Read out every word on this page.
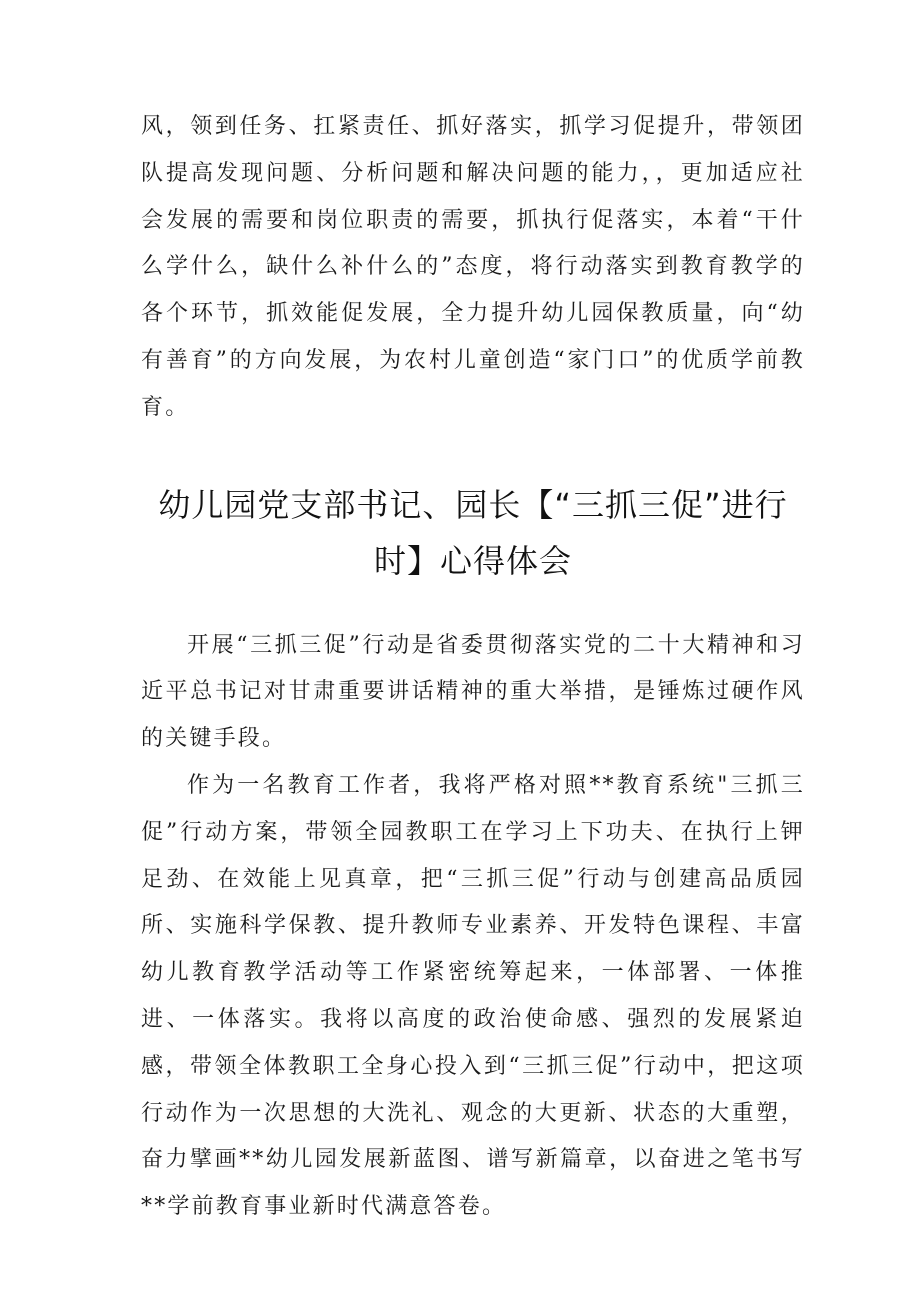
风，领到任务、扛紧责任、抓好落实，抓学习促提升，带领团队提高发现问题、分析问题和解决问题的能力，，更加适应社会发展的需要和岗位职责的需要，抓执行促落实，本着“干什么学什么，缺什么补什么的”态度，将行动落实到教育教学的各个环节，抓效能促发展，全力提升幼儿园保教质量，向“幼有善育”的方向发展，为农村儿童创造“家门口”的优质学前教育。

幼儿园党支部书记、园长【“三抓三促”进行
时】心得体会

开展“三抓三促”行动是省委贯彻落实党的二十大精神和习近平总书记对甘肃重要讲话精神的重大举措，是锤炼过硬作风的关键手段。

作为一名教育工作者，我将严格对照**教育系统"三抓三促”行动方案，带领全园教职工在学习上下功夫、在执行上钾足劲、在效能上见真章，把“三抓三促”行动与创建高品质园所、实施科学保教、提升教师专业素养、开发特色课程、丰富幼儿教育教学活动等工作紧密统筹起来，一体部署、一体推进、一体落实。我将以高度的政治使命感、强烈的发展紧迫感，带领全体教职工全身心投入到“三抓三促”行动中，把这项行动作为一次思想的大洗礼、观念的大更新、状态的大重塑，奋力擘画**幼儿园发展新蓝图、谱写新篇章，以奋进之笔书写**学前教育事业新时代满意答卷。
